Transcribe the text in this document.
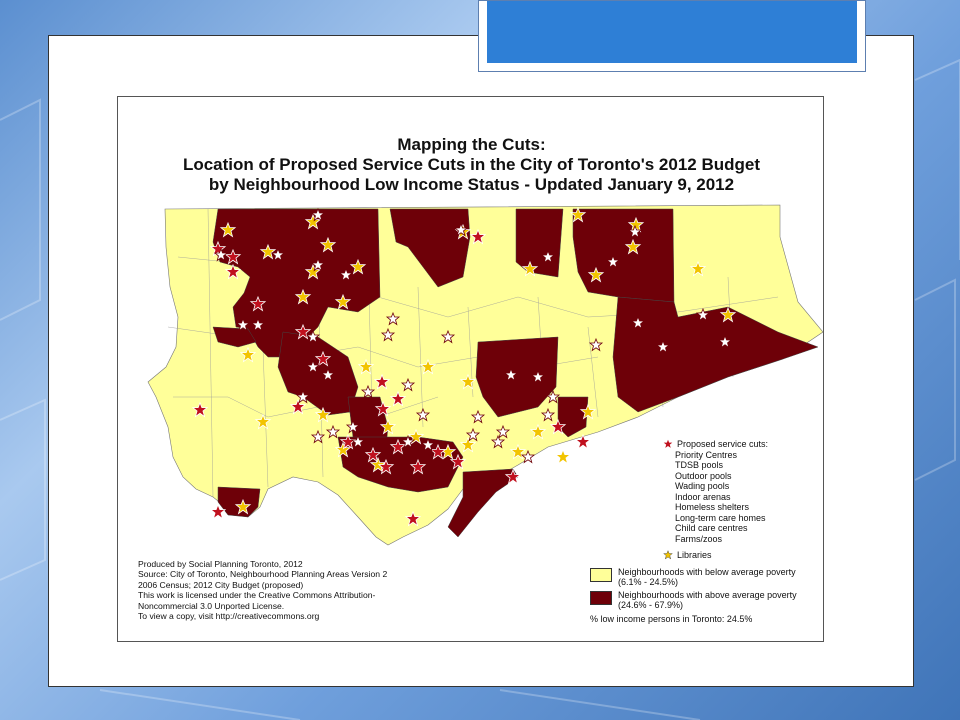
Mapping the Cuts:
Location of Proposed Service Cuts in the City of Toronto's 2012 Budget
by Neighbourhood Low Income Status - Updated January 9, 2012
Proposed service cuts:
Priority Centres
TDSB pools
Outdoor pools
Wading pools
Indoor arenas
Homeless shelters
Long-term care homes
Child care centres
Farms/zoos
Libraries
Produced by Social Planning Toronto, 2012
Source: City of Toronto, Neighbourhood Planning Areas Version 2
2006 Census; 2012 City Budget (proposed)
This work is licensed under the Creative Commons Attribution-
Noncommercial 3.0 Unported License.
To view a copy, visit http://creativecommons.org
Neighbourhoods with below average poverty
(6.1% - 24.5%)
Neighbourhoods with above average poverty
(24.6% - 67.9%)
% low income persons in Toronto: 24.5%
